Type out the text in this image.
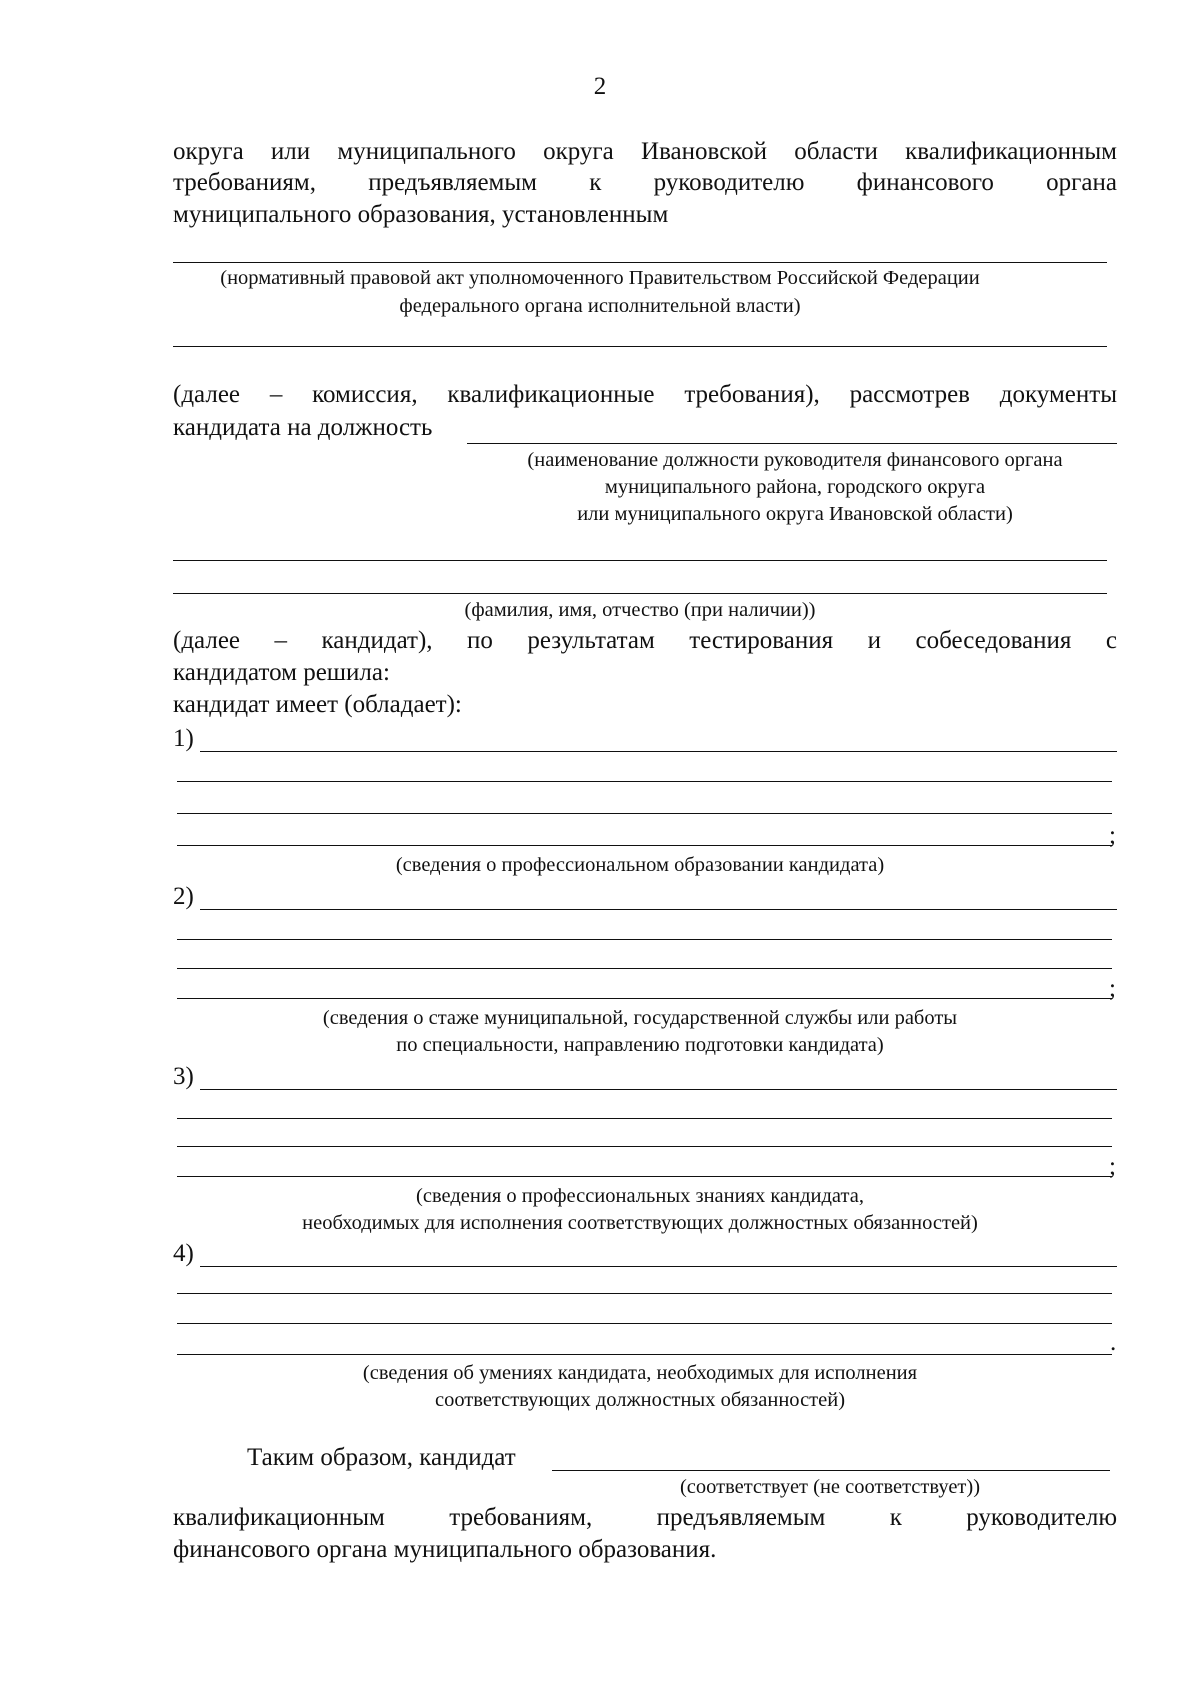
2
округа или муниципального округа Ивановской области квалификационным
требованиям, предъявляемым к руководителю финансового органа
муниципального образования, установленным
(нормативный правовой акт уполномоченного Правительством Российской Федерации
федерального органа исполнительной власти)
(далее – комиссия, квалификационные требования), рассмотрев документы
кандидата на должность
(наименование должности руководителя финансового органа
муниципального района, городского округа
или муниципального округа Ивановской области)
(фамилия, имя, отчество (при наличии))
(далее – кандидат), по результатам тестирования и собеседования с
кандидатом решила:
кандидат имеет (обладает):
1)
;
(сведения о профессиональном образовании кандидата)
2)
;
(сведения о стаже муниципальной, государственной службы или работы
по специальности, направлению подготовки кандидата)
3)
;
(сведения о профессиональных знаниях кандидата,
необходимых для исполнения соответствующих должностных обязанностей)
4)
.
(сведения об умениях кандидата, необходимых для исполнения
соответствующих должностных обязанностей)
Таким образом, кандидат
(соответствует (не соответствует))
квалификационным требованиям, предъявляемым к руководителю
финансового органа муниципального образования.
